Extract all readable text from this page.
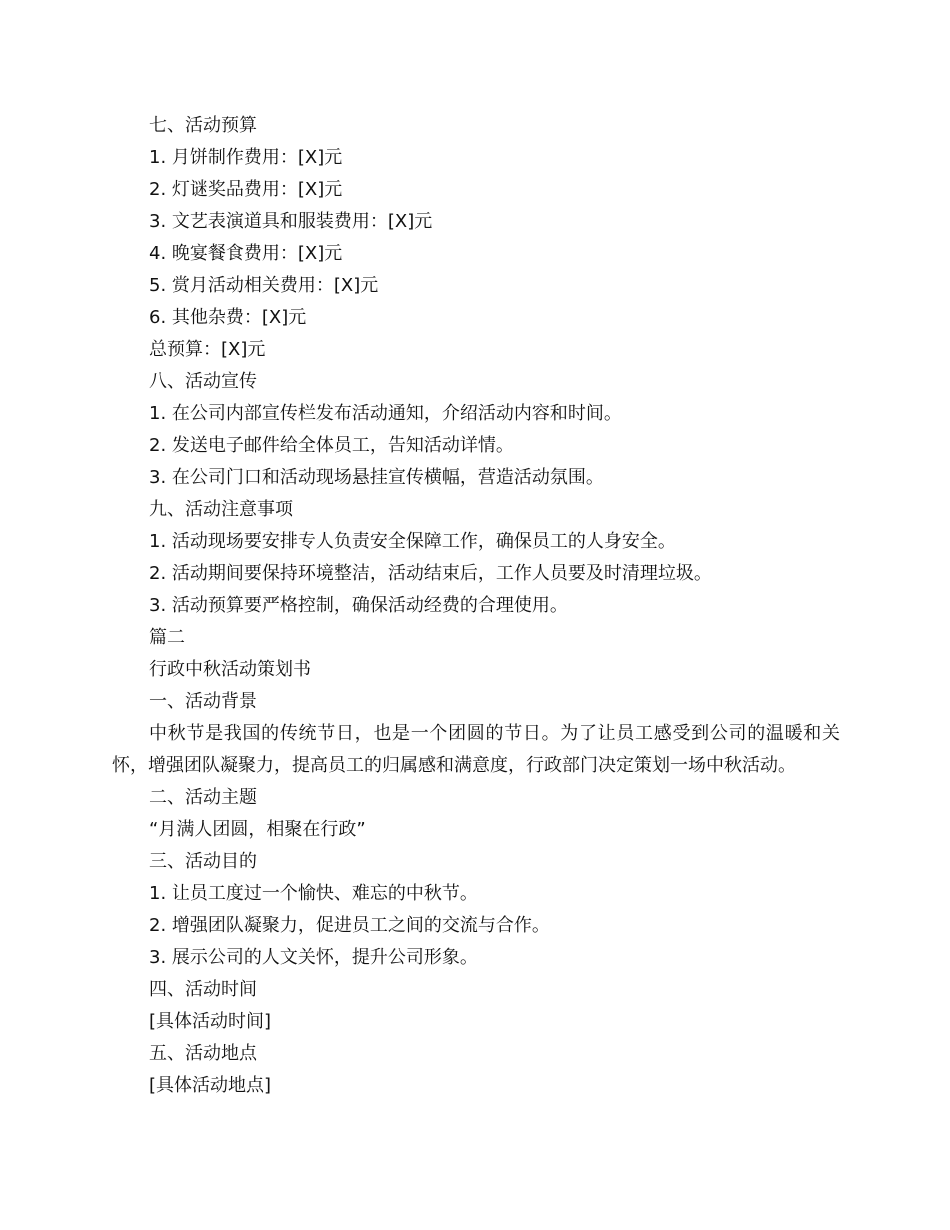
七、活动预算
1. 月饼制作费用：[X]元
2. 灯谜奖品费用：[X]元
3. 文艺表演道具和服装费用：[X]元
4. 晚宴餐食费用：[X]元
5. 赏月活动相关费用：[X]元
6. 其他杂费：[X]元
总预算：[X]元
八、活动宣传
1. 在公司内部宣传栏发布活动通知，介绍活动内容和时间。
2. 发送电子邮件给全体员工，告知活动详情。
3. 在公司门口和活动现场悬挂宣传横幅，营造活动氛围。
九、活动注意事项
1. 活动现场要安排专人负责安全保障工作，确保员工的人身安全。
2. 活动期间要保持环境整洁，活动结束后，工作人员要及时清理垃圾。
3. 活动预算要严格控制，确保活动经费的合理使用。
篇二
行政中秋活动策划书
一、活动背景
中秋节是我国的传统节日，也是一个团圆的节日。为了让员工感受到公司的温暖和关怀，增强团队凝聚力，提高员工的归属感和满意度，行政部门决定策划一场中秋活动。
二、活动主题
“月满人团圆，相聚在行政”
三、活动目的
1. 让员工度过一个愉快、难忘的中秋节。
2. 增强团队凝聚力，促进员工之间的交流与合作。
3. 展示公司的人文关怀，提升公司形象。
四、活动时间
[具体活动时间]
五、活动地点
[具体活动地点]
